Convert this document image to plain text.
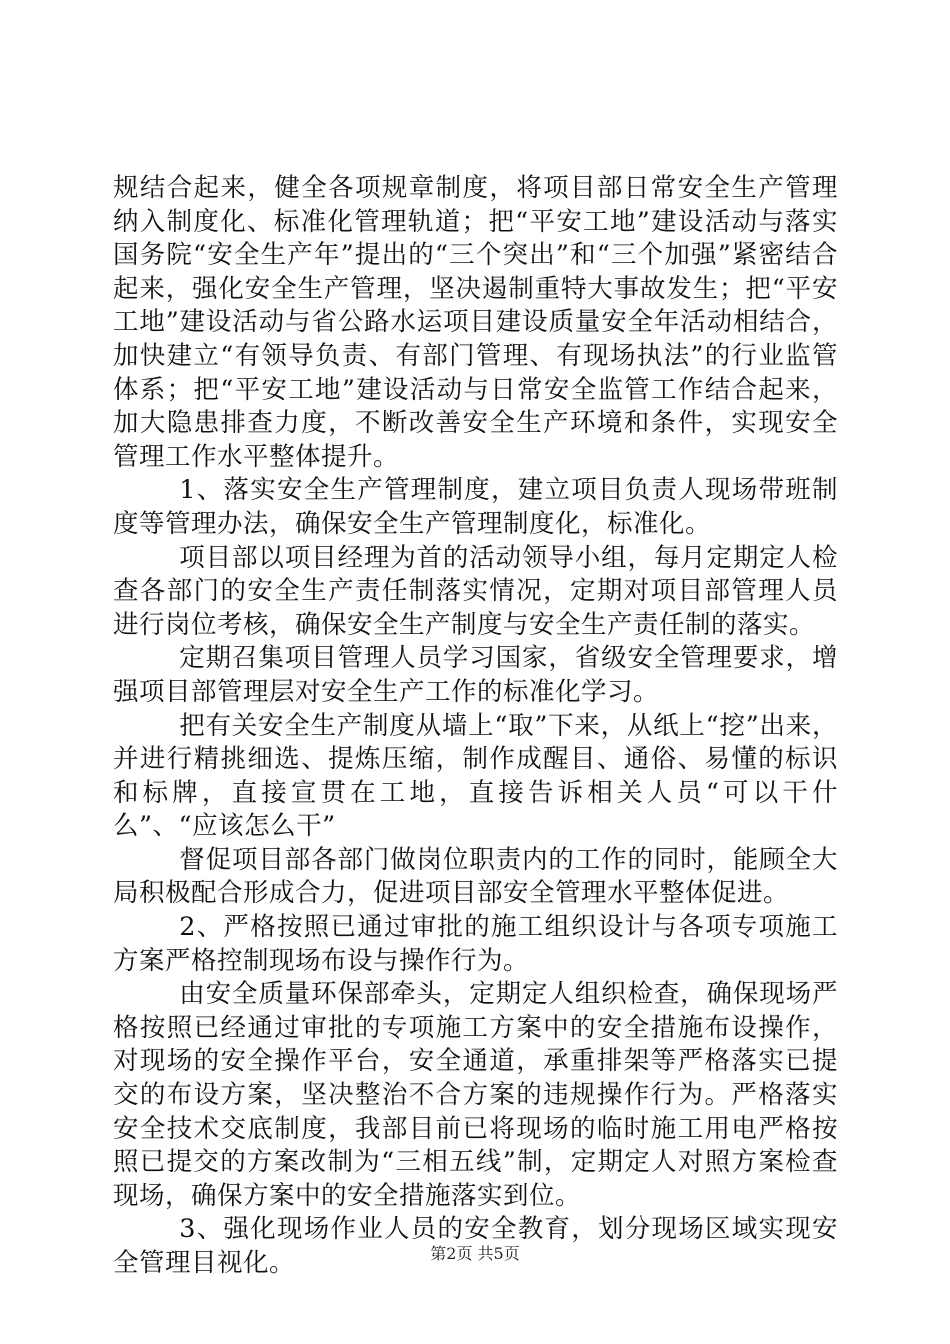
规结合起来，健全各项规章制度，将项目部日常安全生产管理纳入制度化、标准化管理轨道；把“平安工地”建设活动与落实国务院“安全生产年”提出的“三个突出”和“三个加强”紧密结合起来，强化安全生产管理，坚决遏制重特大事故发生；把“平安工地”建设活动与省公路水运项目建设质量安全年活动相结合，加快建立“有领导负责、有部门管理、有现场执法”的行业监管体系；把“平安工地”建设活动与日常安全监管工作结合起来，加大隐患排查力度，不断改善安全生产环境和条件，实现安全管理工作水平整体提升。

1、落实安全生产管理制度，建立项目负责人现场带班制度等管理办法，确保安全生产管理制度化，标准化。

项目部以项目经理为首的活动领导小组，每月定期定人检查各部门的安全生产责任制落实情况，定期对项目部管理人员进行岗位考核，确保安全生产制度与安全生产责任制的落实。

定期召集项目管理人员学习国家，省级安全管理要求，增强项目部管理层对安全生产工作的标准化学习。

把有关安全生产制度从墙上“取”下来，从纸上“挖”出来，并进行精挑细选、提炼压缩，制作成醒目、通俗、易懂的标识和标牌，直接宣贯在工地，直接告诉相关人员“可以干什么”、“应该怎么干”

督促项目部各部门做岗位职责内的工作的同时，能顾全大局积极配合形成合力，促进项目部安全管理水平整体促进。

2、严格按照已通过审批的施工组织设计与各项专项施工方案严格控制现场布设与操作行为。

由安全质量环保部牵头，定期定人组织检查，确保现场严格按照已经通过审批的专项施工方案中的安全措施布设操作，对现场的安全操作平台，安全通道，承重排架等严格落实已提交的布设方案，坚决整治不合方案的违规操作行为。严格落实安全技术交底制度，我部目前已将现场的临时施工用电严格按照已提交的方案改制为“三相五线”制，定期定人对照方案检查现场，确保方案中的安全措施落实到位。

3、强化现场作业人员的安全教育，划分现场区域实现安全管理目视化。	第2页 共5页
